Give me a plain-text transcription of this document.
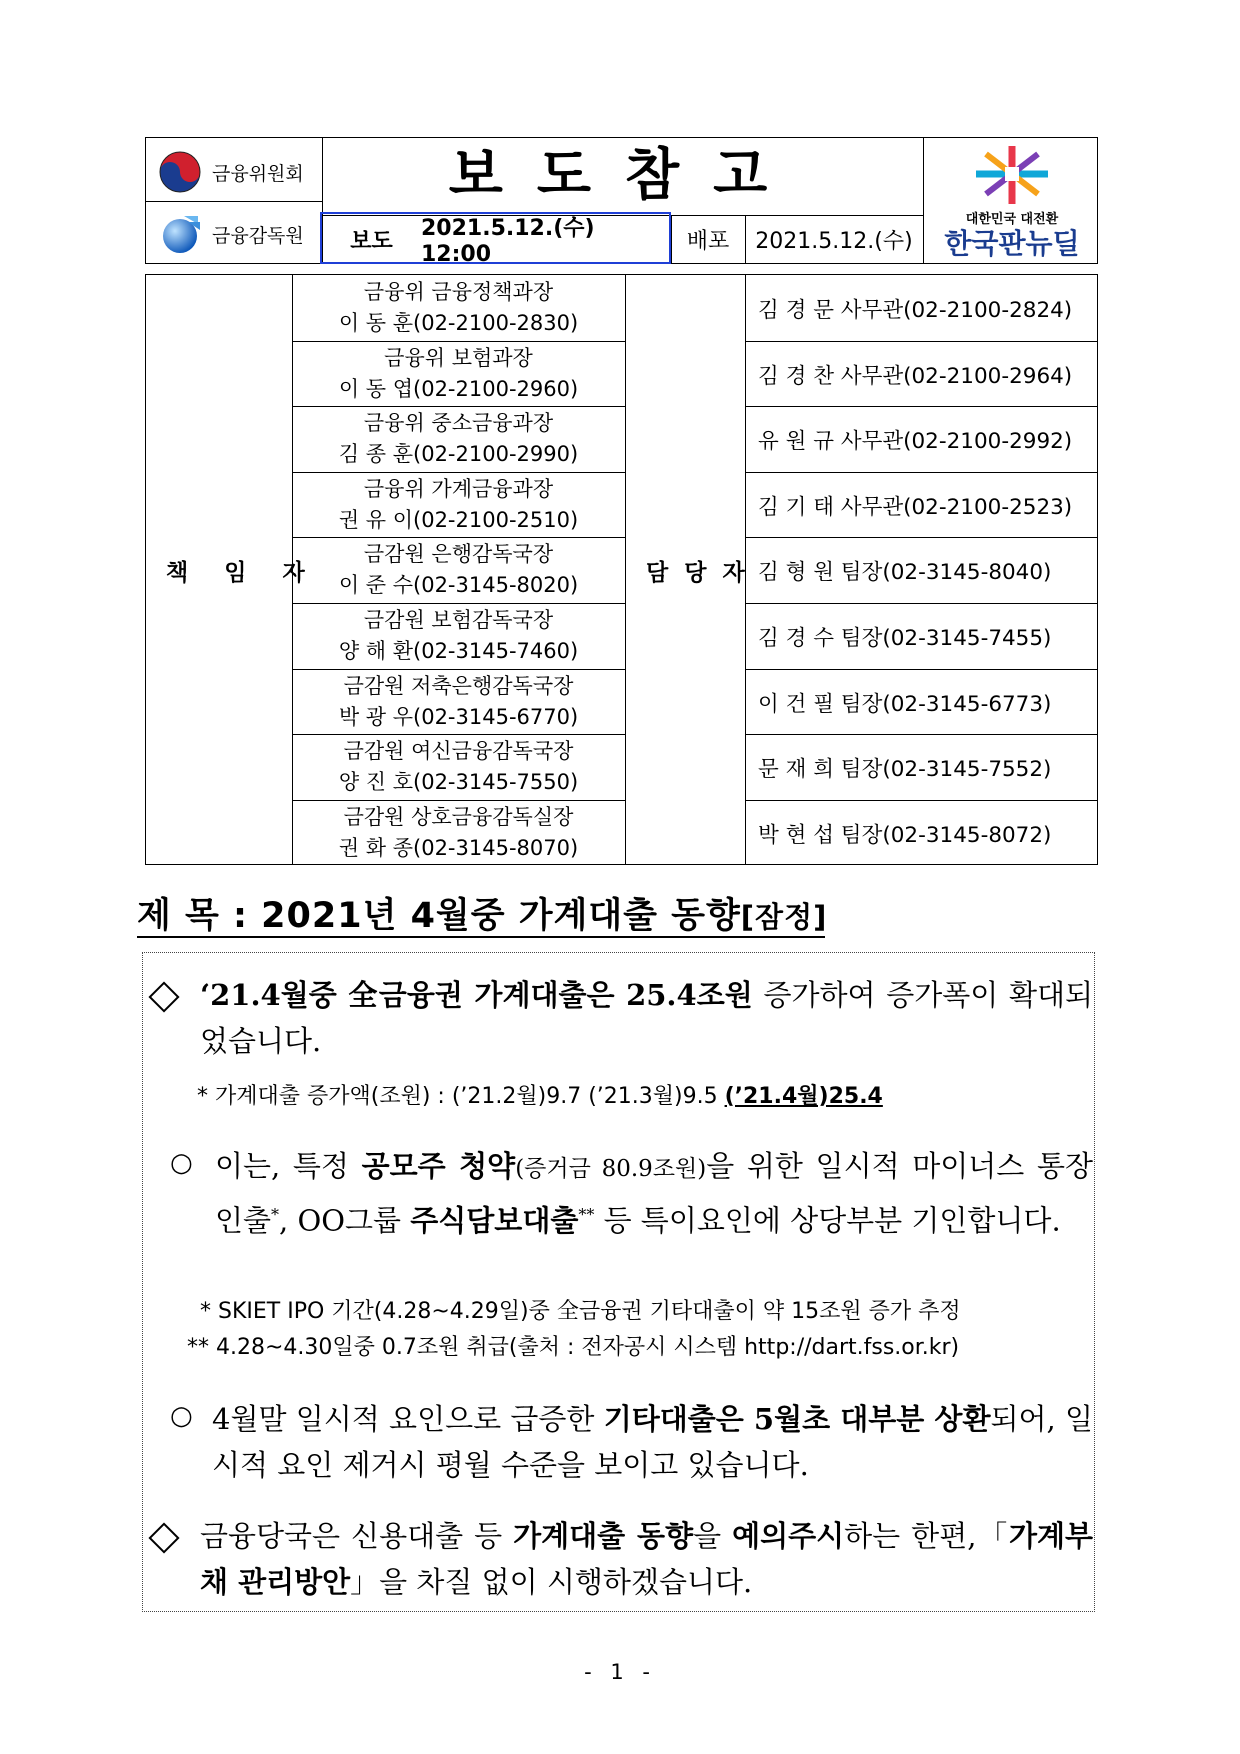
금융위원회
금융감독원
보도참고
보도	2021.5.12.(수) 12:00
배포	2021.5.12.(수)
대한민국 대전환
한국판뉴딜
금융위 금융정책과장
이 동 훈(02-2100-2830)	김 경 문 사무관(02-2100-2824)
금융위 보험과장
이 동 엽(02-2100-2960)	김 경 찬 사무관(02-2100-2964)
금융위 중소금융과장
김 종 훈(02-2100-2990)	유 원 규 사무관(02-2100-2992)
금융위 가계금융과장
권 유 이(02-2100-2510)	김 기 태 사무관(02-2100-2523)
금감원 은행감독국장
이 준 수(02-3145-8020)	김 형 원 팀장(02-3145-8040)
금감원 보험감독국장
양 해 환(02-3145-7460)	김 경 수 팀장(02-3145-7455)
금감원 저축은행감독국장
박 광 우(02-3145-6770)	이 건 필 팀장(02-3145-6773)
금감원 여신금융감독국장
양 진 호(02-3145-7550)	문 재 희 팀장(02-3145-7552)
금감원 상호금융감독실장
권 화 종(02-3145-8070)	박 현 섭 팀장(02-3145-8072)
책 임 자	담 당 자
제 목 : 2021년 4월중 가계대출 동향[잠정]
‘21.4월중 全금융권 가계대출은 25.4조원 증가하여 증가폭이 확대되었습니다.
* 가계대출 증가액(조원) : (’21.2월)9.7 (’21.3월)9.5 (’21.4월)25.4
○ 이는, 특정 공모주 청약(증거금 80.9조원)을 위한 일시적 마이너스 통장 인출*, OO그룹 주식담보대출** 등 특이요인에 상당부분 기인합니다.
* SKIET IPO 기간(4.28~4.29일)중 全금융권 기타대출이 약 15조원 증가 추정
** 4.28~4.30일중 0.7조원 취급(출처 : 전자공시 시스템 http://dart.fss.or.kr)
○ 4월말 일시적 요인으로 급증한 기타대출은 5월초 대부분 상환되어, 일시적 요인 제거시 평월 수준을 보이고 있습니다.
금융당국은 신용대출 등 가계대출 동향을 예의주시하는 한편,「가계부채 관리방안」을 차질 없이 시행하겠습니다.
- 1 -
